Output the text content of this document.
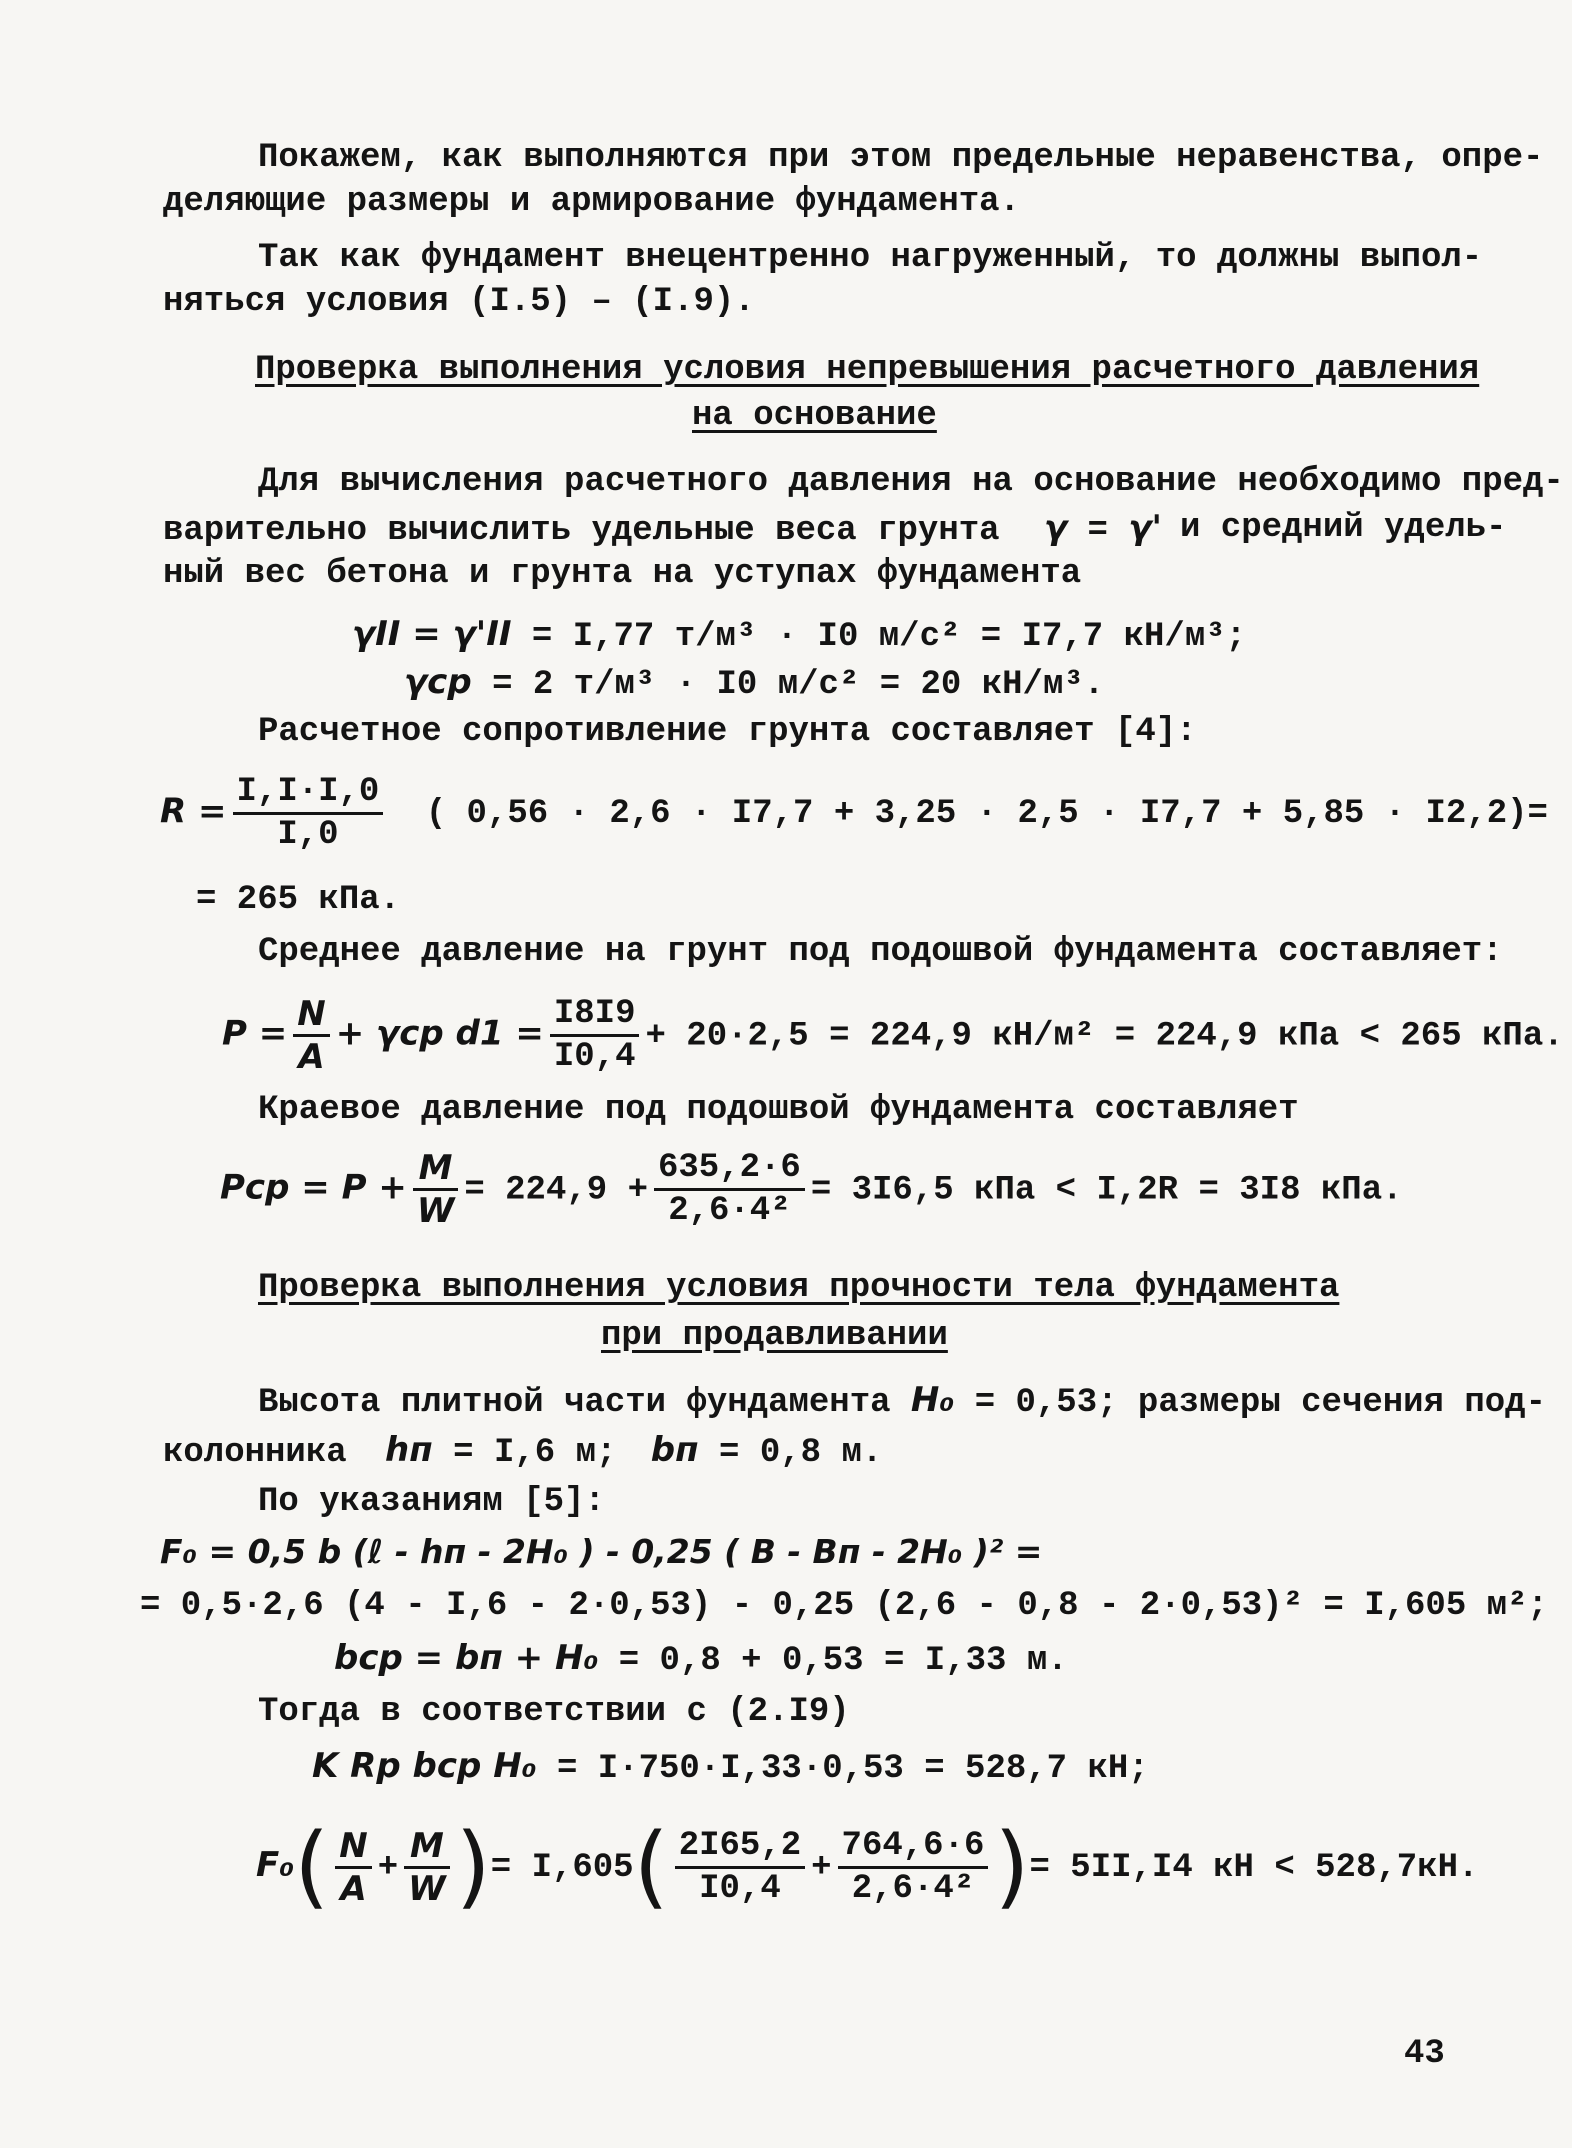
Покажем, как выполняются при этом предельные неравенства, опре-
деляющие размеры и армирование фундамента.
Так как фундамент внецентренно нагруженный, то должны выпол-
няться условия (I.5) – (I.9).
Проверка выполнения условия непревышения расчетного давления
на основание
Для вычисления расчетного давления на основание необходимо пред-
варительно вычислить удельные веса грунта γ = γ' и средний удель-
ный вес бетона и грунта на уступах фундамента
γII = γ'II = I,77 т/м³ · I0 м/с² = I7,7 кН/м³;
γср = 2 т/м³ · I0 м/с² = 20 кН/м³.
Расчетное сопротивление грунта составляет [4]:
$R = \frac{I,I\cdot I,0}{I,0}$ ( 0,56 · 2,6 · I7,7 + 3,25 · 2,5 · I7,7 + 5,85 · I2,2)=
= 265 кПа.
Среднее давление на грунт под подошвой фундамента составляет:
$P = \frac{N}{A} + \gamma cp$ $d1 = \frac{I8I9}{I0,4} + 20\cdot 2,5 = 224,9$ кН/м² = 224,9 кПа < 265 кПа.
Краевое давление под подошвой фундамента составляет
Pcp = $P + \frac{M}{W} = 224,9 + \frac{635,2\cdot 6}{\text{2,6·4²}} = 3I6,5$ кПа < I,2R = 3I8 кПа.
Проверка выполнения условия прочности тела фундамента
при продавливании
Высота плитной части фундамента H₀ = 0,53; размеры сечения под-
колонника hп = I,6 м; bп = 0,8 м.
По указаниям [5]:
F₀ = 0,5 b (ℓ - hп - 2H₀ ) - 0,25 ( B - Bп - 2H₀ )² =
= 0,5·2,6 (4 - I,6 - 2·0,53) - 0,25 (2,6 - 0,8 - 2·0,53)² = I,605 м²;
bcp = bп + H₀ = 0,8 + 0,53 = I,33 м.
Тогда в соответствии с (2.I9)
K Rр bср H₀ = I·750·I,33·0,53 = 528,7 кН;
$F_0( \frac{N}{A} + \frac{M}{W}$ )= $I,605( \frac{2I65,2}{I0,4} + \frac{764,6\cdot 6}{\text{2,6·4²}}$ )= 5II,I4 кН < 528,7кН.
43
